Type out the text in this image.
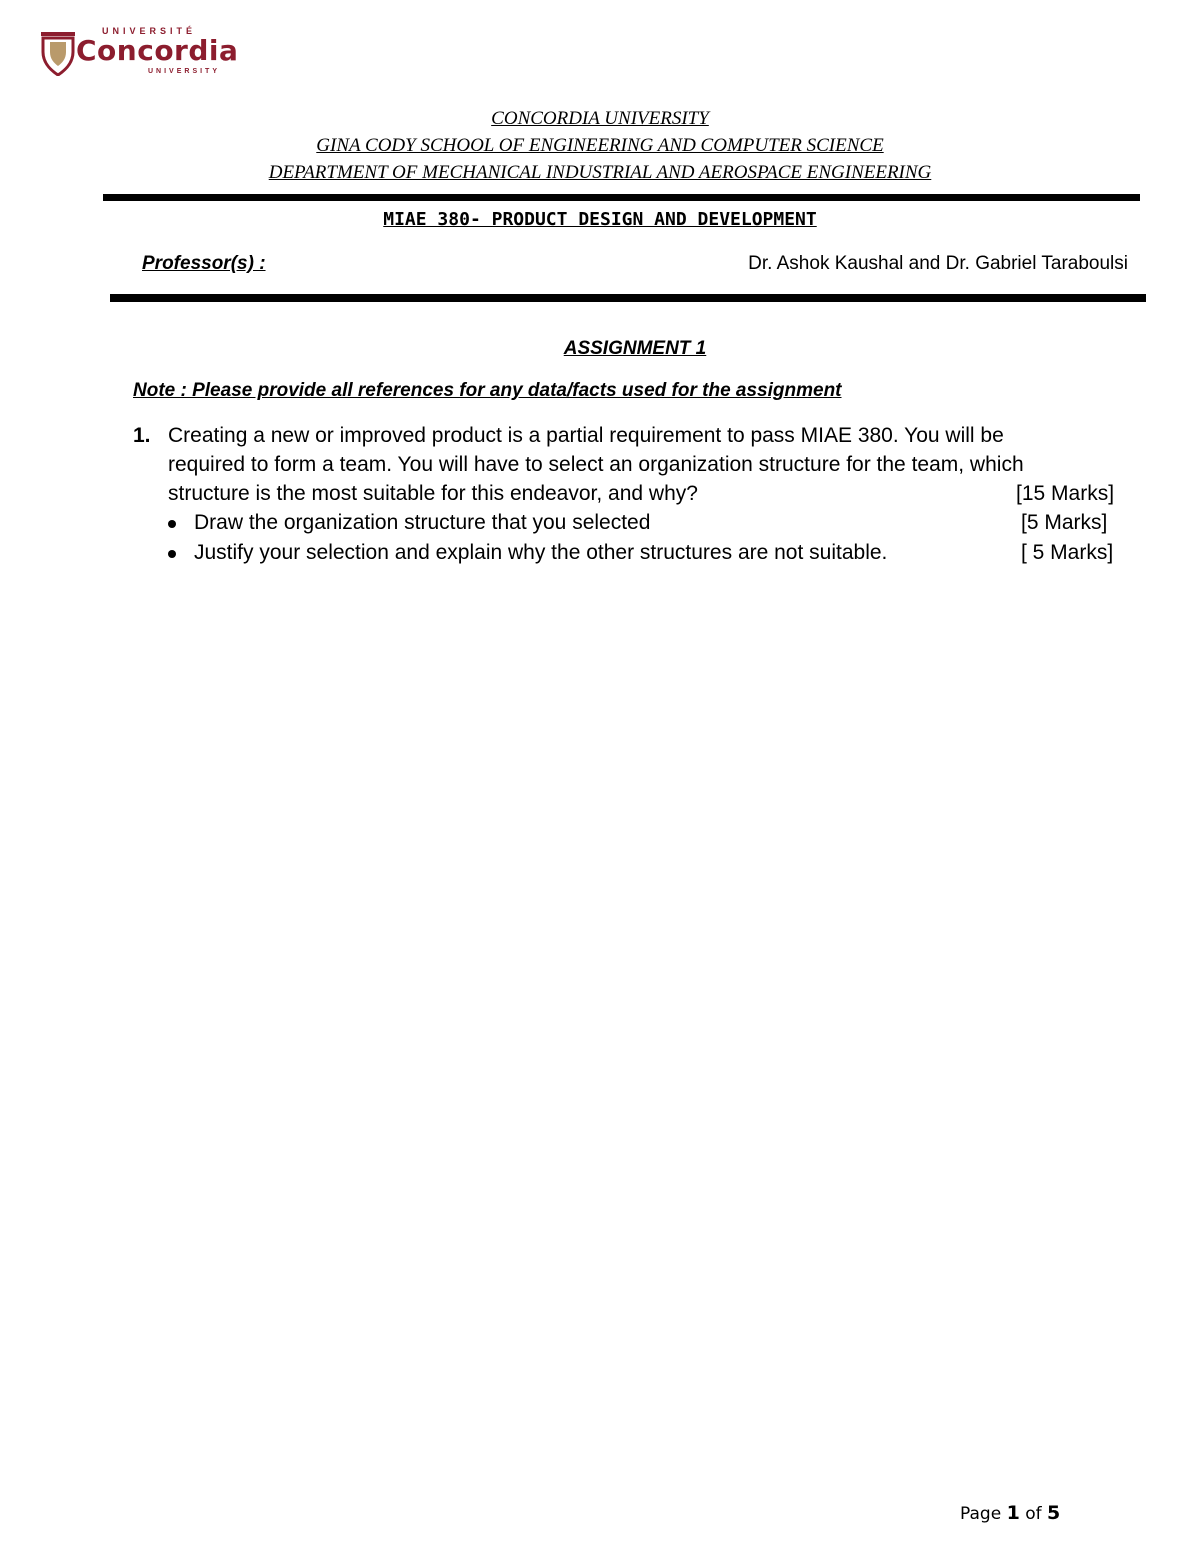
UNIVERSITÉ
Concordia
UNIVERSITY
CONCORDIA UNIVERSITY
GINA CODY SCHOOL OF ENGINEERING AND COMPUTER SCIENCE
DEPARTMENT OF MECHANICAL INDUSTRIAL AND AEROSPACE ENGINEERING
MIAE 380- PRODUCT DESIGN AND DEVELOPMENT
Professor(s) :	Dr. Ashok Kaushal and Dr. Gabriel Taraboulsi
ASSIGNMENT 1
Note : Please provide all references for any data/facts used for the assignment
1. Creating a new or improved product is a partial requirement to pass MIAE 380. You will be
required to form a team. You will have to select an organization structure for the team, which
structure is the most suitable for this endeavor, and why?	[15 Marks]
Draw the organization structure that you selected	[5 Marks]
Justify your selection and explain why the other structures are not suitable.	[ 5 Marks]
Page 1 of 5
